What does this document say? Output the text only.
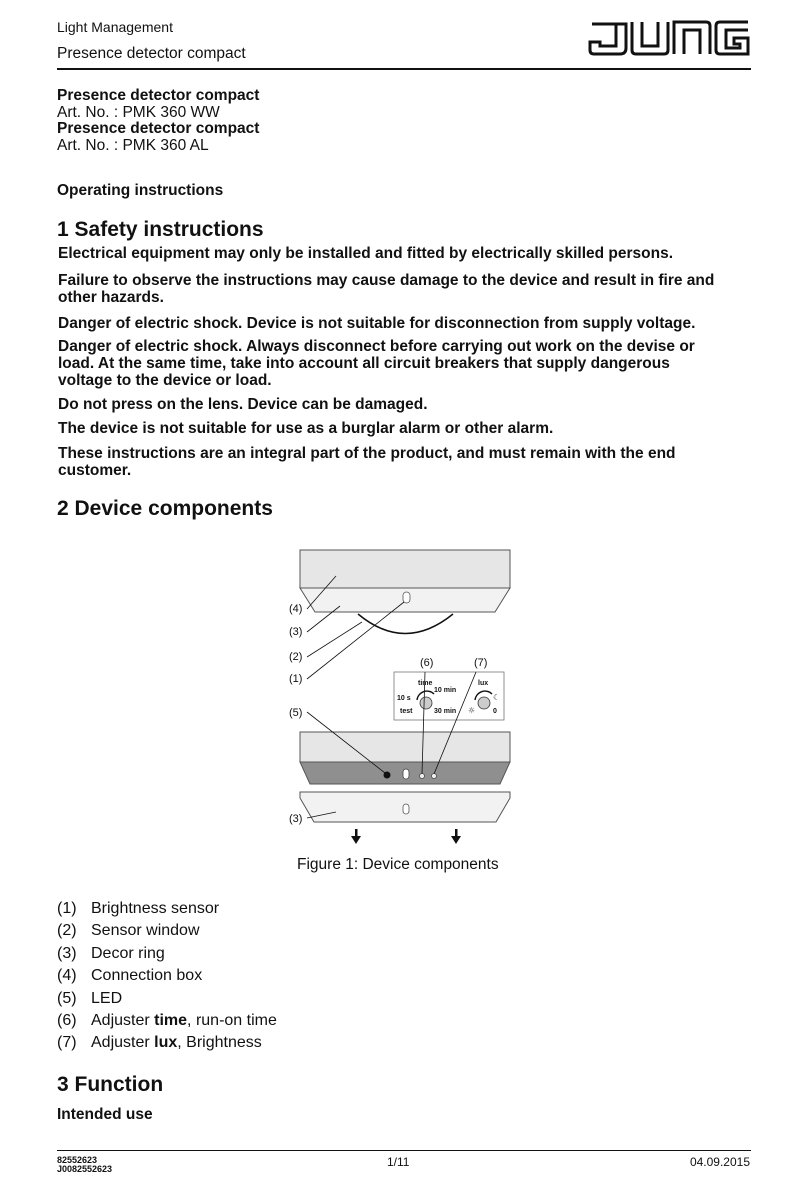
Light Management
Presence detector compact
Presence detector compact
Art. No. : PMK 360 WW
Presence detector compact
Art. No. : PMK 360 AL
Operating instructions
1 Safety instructions
Electrical equipment may only be installed and fitted by electrically skilled persons.
Failure to observe the instructions may cause damage to the device and result in fire and
other hazards.
Danger of electric shock. Device is not suitable for disconnection from supply voltage.
Danger of electric shock. Always disconnect before carrying out work on the devise or
load. At the same time, take into account all circuit breakers that supply dangerous
voltage to the device or load.
Do not press on the lens. Device can be damaged.
The device is not suitable for use as a burglar alarm or other alarm.
These instructions are an integral part of the product, and must remain with the end
customer.
2 Device components
(4)
(3)
(2)
(1)
(6)	(7)
time
10 min
10 s
test	30 min
lux
☼
☾
0
(5)
(3)
Figure 1: Device components
(1) Brightness sensor
(2) Sensor window
(3) Decor ring
(4) Connection box
(5) LED
(6) Adjuster time , run-on time
(7) Adjuster lux , Brightness
3 Function
Intended use
82552623
J0082552623	1/11	04.09.2015
